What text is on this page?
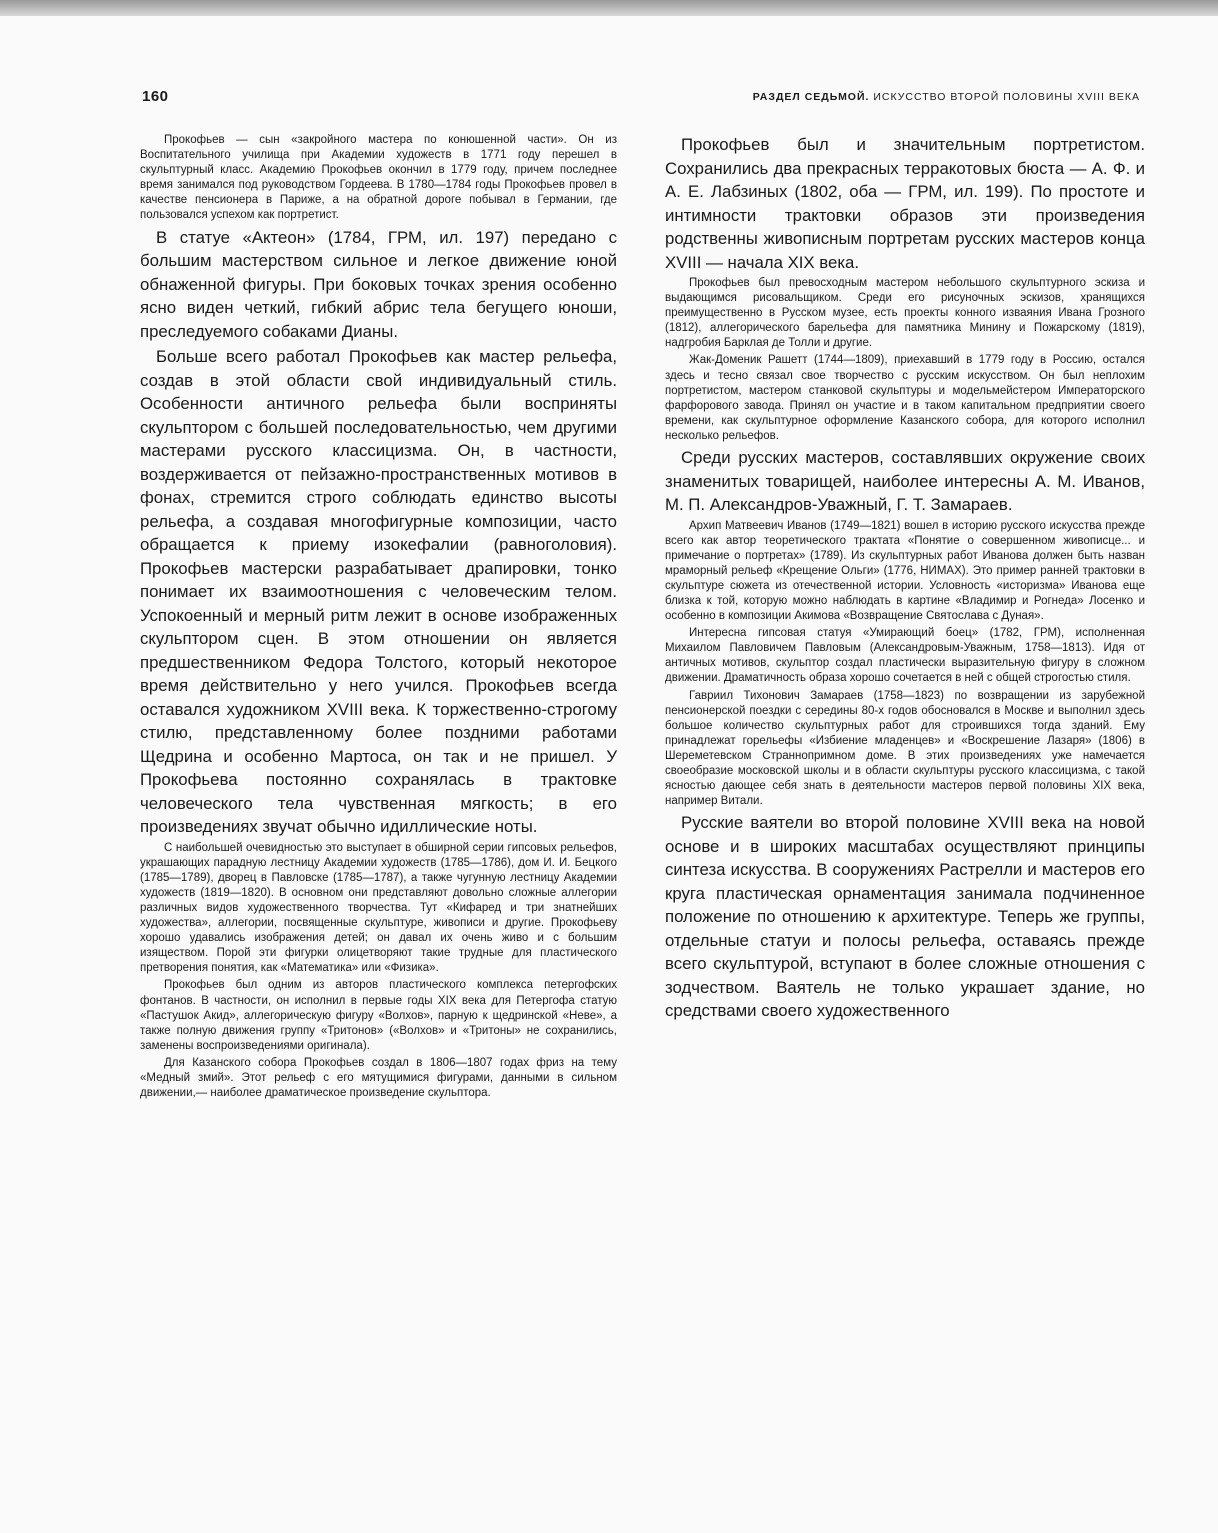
160	РАЗДЕЛ СЕДЬМОЙ. ИСКУССТВО ВТОРОЙ ПОЛОВИНЫ XVIII ВЕКА

Прокофьев — сын «закройного мастера по конюшенной части». Он из Воспитательного училища при Академии художеств в 1771 году перешел в скульптурный класс. Академию Прокофьев окончил в 1779 году, причем последнее время занимался под руководством Гордеева. В 1780—1784 годы Прокофьев провел в качестве пенсионера в Париже, а на обратной дороге побывал в Германии, где пользовался успехом как портретист.

В статуе «Актеон» (1784, ГРМ, ил. 197) передано с большим мастерством сильное и легкое движение юной обнаженной фигуры. При боковых точках зрения особенно ясно виден четкий, гибкий абрис тела бегущего юноши, преследуемого собаками Дианы.

Больше всего работал Прокофьев как мастер рельефа, создав в этой области свой индивидуальный стиль. Особенности античного рельефа были восприняты скульптором с большей последовательностью, чем другими мастерами русского классицизма. Он, в частности, воздерживается от пейзажно-пространственных мотивов в фонах, стремится строго соблюдать единство высоты рельефа, а создавая многофигурные композиции, часто обращается к приему изокефалии (равноголовия). Прокофьев мастерски разрабатывает драпировки, тонко понимает их взаимоотношения с человеческим телом. Успокоенный и мерный ритм лежит в основе изображенных скульптором сцен. В этом отношении он является предшественником Федора Толстого, который некоторое время действительно у него учился. Прокофьев всегда оставался художником XVIII века. К торжественно-строгому стилю, представленному более поздними работами Щедрина и особенно Мартоса, он так и не пришел. У Прокофьева постоянно сохранялась в трактовке человеческого тела чувственная мягкость; в его произведениях звучат обычно идиллические ноты.

С наибольшей очевидностью это выступает в обширной серии гипсовых рельефов, украшающих парадную лестницу Академии художеств (1785—1786), дом И. И. Бецкого (1785—1789), дворец в Павловске (1785—1787), а также чугунную лестницу Академии художеств (1819—1820). В основном они представляют довольно сложные аллегории различных видов художественного творчества. Тут «Кифаред и три знатнейших художества», аллегории, посвященные скульптуре, живописи и другие. Прокофьеву хорошо удавались изображения детей; он давал их очень живо и с большим изяществом. Порой эти фигурки олицетворяют такие трудные для пластического претворения понятия, как «Математика» или «Физика».

Прокофьев был одним из авторов пластического комплекса петергофских фонтанов. В частности, он исполнил в первые годы XIX века для Петергофа статую «Пастушок Акид», аллегорическую фигуру «Волхов», парную к щедринской «Неве», а также полную движения группу «Тритонов» («Волхов» и «Тритоны» не сохранились, заменены воспроизведениями оригинала).

Для Казанского собора Прокофьев создал в 1806—1807 годах фриз на тему «Медный змий». Этот рельеф с его мятущимися фигурами, данными в сильном движении,— наиболее драматическое произведение скульптора.

Прокофьев был и значительным портретистом. Сохранились два прекрасных терракотовых бюста — А. Ф. и А. Е. Лабзиных (1802, оба — ГРМ, ил. 199). По простоте и интимности трактовки образов эти произведения родственны живописным портретам русских мастеров конца XVIII — начала XIX века.

Прокофьев был превосходным мастером небольшого скульптурного эскиза и выдающимся рисовальщиком. Среди его рисуночных эскизов, хранящихся преимущественно в Русском музее, есть проекты конного изваяния Ивана Грозного (1812), аллегорического барельефа для памятника Минину и Пожарскому (1819), надгробия Барклая де Толли и другие.

Жак-Доменик Рашетт (1744—1809), приехавший в 1779 году в Россию, остался здесь и тесно связал свое творчество с русским искусством. Он был неплохим портретистом, мастером станковой скульптуры и модельмейстером Императорского фарфорового завода. Принял он участие и в таком капитальном предприятии своего времени, как скульптурное оформление Казанского собора, для которого исполнил несколько рельефов.

Среди русских мастеров, составлявших окружение своих знаменитых товарищей, наиболее интересны А. М. Иванов, М. П. Александров-Уважный, Г. Т. Замараев.

Архип Матвеевич Иванов (1749—1821) вошел в историю русского искусства прежде всего как автор теоретического трактата «Понятие о совершенном живописце... и примечание о портретах» (1789). Из скульптурных работ Иванова должен быть назван мраморный рельеф «Крещение Ольги» (1776, НИМАХ). Это пример ранней трактовки в скульптуре сюжета из отечественной истории. Условность «историзма» Иванова еще близка к той, которую можно наблюдать в картине «Владимир и Рогнеда» Лосенко и особенно в композиции Акимова «Возвращение Святослава с Дуная».

Интересна гипсовая статуя «Умирающий боец» (1782, ГРМ), исполненная Михаилом Павловичем Павловым (Александровым-Уважным, 1758—1813). Идя от античных мотивов, скульптор создал пластически выразительную фигуру в сложном движении. Драматичность образа хорошо сочетается в ней с общей строгостью стиля.

Гавриил Тихонович Замараев (1758—1823) по возвращении из зарубежной пенсионерской поездки с середины 80-х годов обосновался в Москве и выполнил здесь большое количество скульптурных работ для строившихся тогда зданий. Ему принадлежат горельефы «Избиение младенцев» и «Воскрешение Лазаря» (1806) в Шереметевском Страннопримном доме. В этих произведениях уже намечается своеобразие московской школы и в области скульптуры русского классицизма, с такой ясностью дающее себя знать в деятельности мастеров первой половины XIX века, например Витали.

Русские ваятели во второй половине XVIII века на новой основе и в широких масштабах осуществляют принципы синтеза искусства. В сооружениях Растрелли и мастеров его круга пластическая орнаментация занимала подчиненное положение по отношению к архитектуре. Теперь же группы, отдельные статуи и полосы рельефа, оставаясь прежде всего скульптурой, вступают в более сложные отношения с зодчеством. Ваятель не только украшает здание, но средствами своего художественного
